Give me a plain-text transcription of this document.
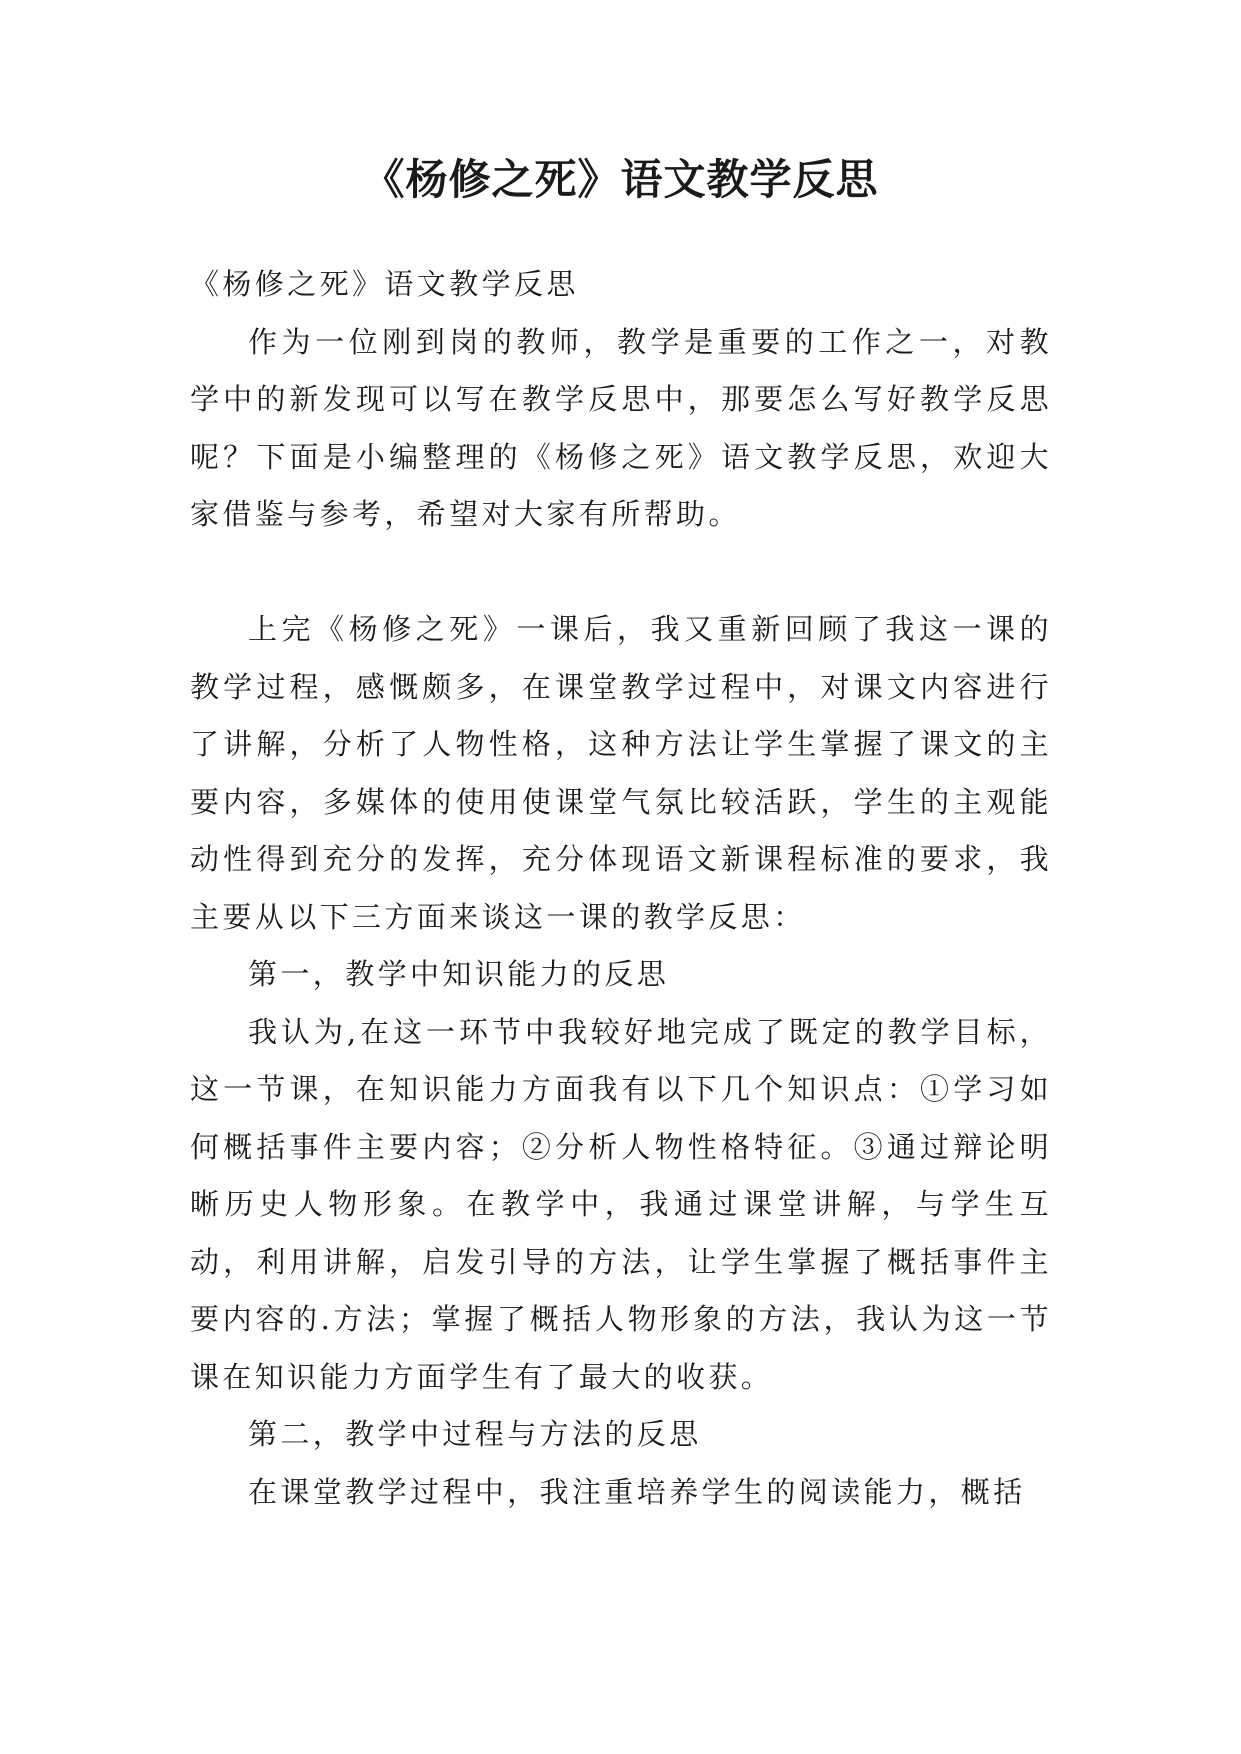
《杨修之死》语文教学反思

《杨修之死》语文教学反思

作为一位刚到岗的教师，教学是重要的工作之一，对教学中的新发现可以写在教学反思中，那要怎么写好教学反思呢？下面是小编整理的《杨修之死》语文教学反思，欢迎大家借鉴与参考，希望对大家有所帮助。

上完《杨修之死》一课后，我又重新回顾了我这一课的教学过程，感慨颇多，在课堂教学过程中，对课文内容进行了讲解，分析了人物性格，这种方法让学生掌握了课文的主要内容，多媒体的使用使课堂气氛比较活跃，学生的主观能动性得到充分的发挥，充分体现语文新课程标准的要求，我主要从以下三方面来谈这一课的教学反思：

第一，教学中知识能力的反思

我认为,在这一环节中我较好地完成了既定的教学目标，这一节课，在知识能力方面我有以下几个知识点：①学习如何概括事件主要内容；②分析人物性格特征。③通过辩论明晰历史人物形象。在教学中，我通过课堂讲解，与学生互动，利用讲解，启发引导的方法，让学生掌握了概括事件主要内容的.方法；掌握了概括人物形象的方法，我认为这一节课在知识能力方面学生有了最大的收获。

第二，教学中过程与方法的反思

在课堂教学过程中，我注重培养学生的阅读能力，概括
